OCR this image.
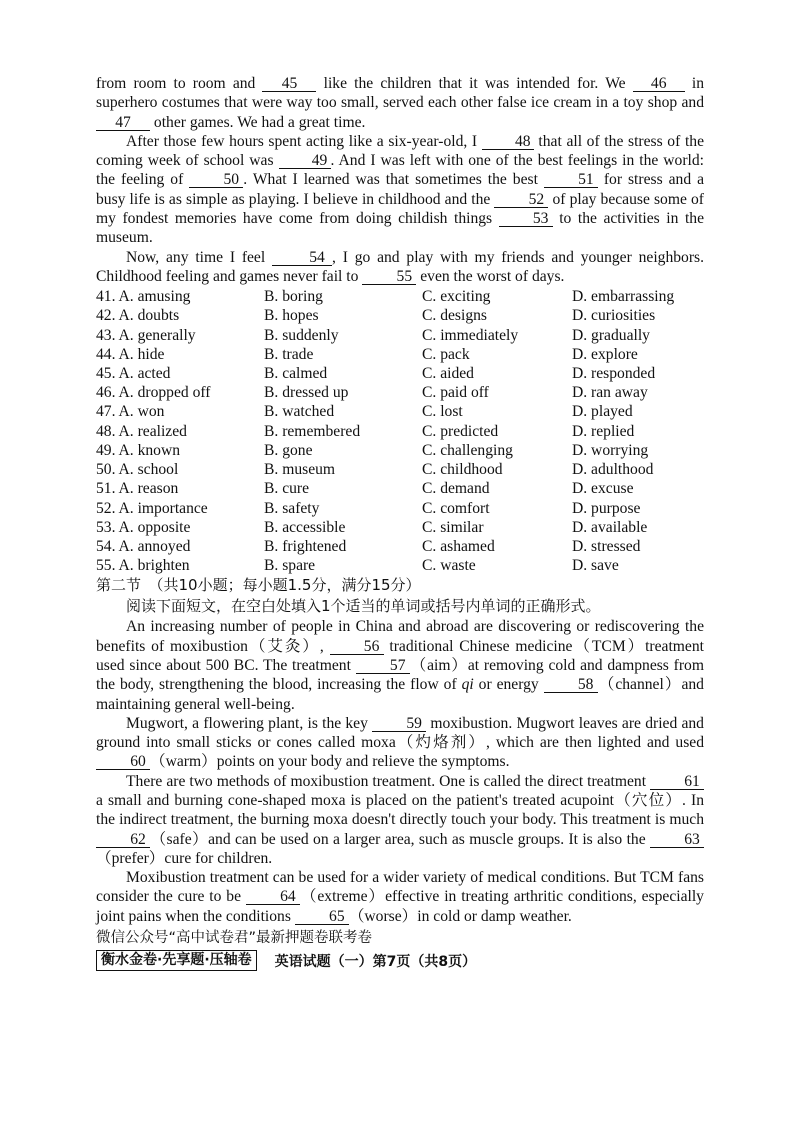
from room to room and 45 like the children that it was intended for. We 46 in superhero costumes that were way too small, served each other false ice cream in a toy shop and 47 other games. We had a great time.

After those few hours spent acting like a six-year-old, I 48 that all of the stress of the coming week of school was 49 . And I was left with one of the best feelings in the world: the feeling of 50 . What I learned was that sometimes the best 51 for stress and a busy life is as simple as playing. I believe in childhood and the 52 of play because some of my fondest memories have come from doing childish things 53 to the activities in the museum.

Now, any time I feel 54 , I go and play with my friends and younger neighbors. Childhood feeling and games never fail to 55 even the worst of days.

41. A. amusing	B. boring	C. exciting	D. embarrassing
42. A. doubts	B. hopes	C. designs	D. curiosities
43. A. generally	B. suddenly	C. immediately	D. gradually
44. A. hide	B. trade	C. pack	D. explore
45. A. acted	B. calmed	C. aided	D. responded
46. A. dropped off	B. dressed up	C. paid off	D. ran away
47. A. won	B. watched	C. lost	D. played
48. A. realized	B. remembered	C. predicted	D. replied
49. A. known	B. gone	C. challenging	D. worrying
50. A. school	B. museum	C. childhood	D. adulthood
51. A. reason	B. cure	C. demand	D. excuse
52. A. importance	B. safety	C. comfort	D. purpose
53. A. opposite	B. accessible	C. similar	D. available
54. A. annoyed	B. frightened	C. ashamed	D. stressed
55. A. brighten	B. spare	C. waste	D. save

第二节　（共10小题；每小题1.5分，满分15分）

阅读下面短文，在空白处填入1个适当的单词或括号内单词的正确形式。

An increasing number of people in China and abroad are discovering or rediscovering the benefits of moxibustion（艾灸）, 56 traditional Chinese medicine（TCM）treatment used since about 500 BC. The treatment 57 （aim）at removing cold and dampness from the body, strengthening the blood, increasing the flow of qi or energy 58 （channel）and maintaining general well-being.

Mugwort, a flowering plant, is the key 59 moxibustion. Mugwort leaves are dried and ground into small sticks or cones called moxa（灼烙剂）, which are then lighted and used 60 （warm）points on your body and relieve the symptoms.

There are two methods of moxibustion treatment. One is called the direct treatment 61 a small and burning cone-shaped moxa is placed on the patient's treated acupoint（穴位）. In the indirect treatment, the burning moxa doesn't directly touch your body. This treatment is much 62 （safe）and can be used on a larger area, such as muscle groups. It is also the 63（prefer）cure for children.

Moxibustion treatment can be used for a wider variety of medical conditions. But TCM fans consider the cure to be 64 （extreme）effective in treating arthritic conditions, especially joint pains when the conditions 65 （worse）in cold or damp weather.

微信公众号“高中试卷君”最新押题卷联考卷

衡水金卷·先享题·压轴卷	英语试题（一）第7页（共8页）
